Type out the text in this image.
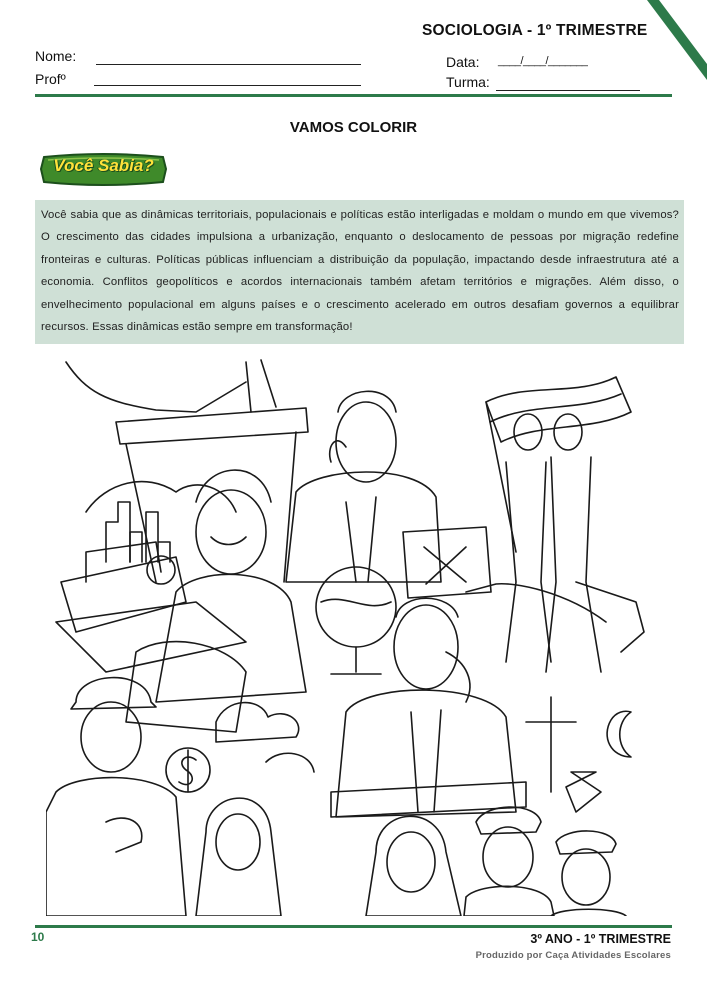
SOCIOLOGIA - 1º TRIMESTRE
Nome:
Profº
Data: ____/____/_______
Turma:
VAMOS COLORIR
Você Sabia?
Você sabia que as dinâmicas territoriais, populacionais e políticas estão interligadas e moldam o mundo em que vivemos? O crescimento das cidades impulsiona a urbanização, enquanto o deslocamento de pessoas por migração redefine fronteiras e culturas. Políticas públicas influenciam a distribuição da população, impactando desde infraestrutura até a economia. Conflitos geopolíticos e acordos internacionais também afetam territórios e migrações. Além disso, o envelhecimento populacional em alguns países e o crescimento acelerado em outros desafiam governos a equilibrar recursos. Essas dinâmicas estão sempre em transformação!
10	3º ANO - 1º TRIMESTRE
Produzido por Caça Atividades Escolares
